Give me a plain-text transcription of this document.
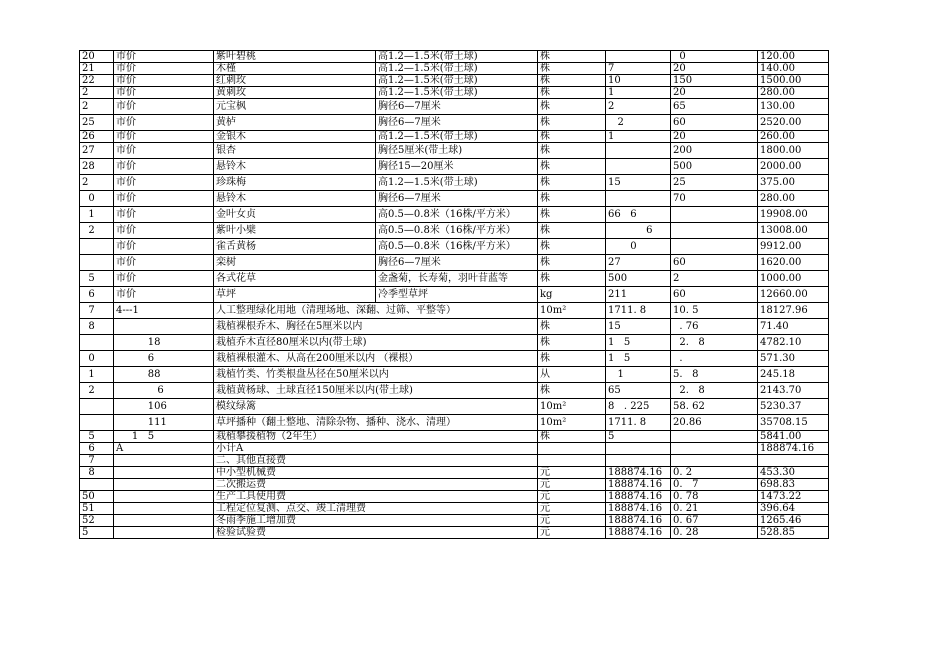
20	市价	紫叶碧桃	高1.2—1.5米(带土球)	株		0	120.00
21	市价	木槿	高1.2—1.5米(带土球)	株	7	20	140.00
22	市价	红刺玫	高1.2—1.5米(带土球)	株	10	150	1500.00
2	市价	黄刺玫	高1.2—1.5米(带土球)	株	1	20	280.00
2	市价	元宝枫	胸径6—7厘米	株	2	65	130.00
25	市价	黄栌	胸径6—7厘米	株	2	60	2520.00
26	市价	金银木	高1.2—1.5米(带土球)	株	1	20	260.00
27	市价	银杏	胸径5厘米(带土球)	株		200	1800.00
28	市价	悬铃木	胸径15—20厘米	株		500	2000.00
2	市价	珍珠梅	高1.2—1.5米(带土球)	株	15	25	375.00
0	市价	悬铃木	胸径6—7厘米	株		70	280.00
1	市价	金叶女贞	高0.5—0.8米（16株/平方米）	株	66   6		19908.00
2	市价	紫叶小檗	高0.5—0.8米（16株/平方米）	株	6		13008.00
	市价	雀舌黄杨	高0.5—0.8米（16株/平方米）	株	0		9912.00
	市价	栾树	胸径6—7厘米	株	27	60	1620.00
5	市价	各式花草	金盏菊，长寿菊，羽叶苷蓝等	株	500	2	1000.00
6	市价	草坪	冷季型草坪	kg	211	60	12660.00
7	4---1	人工整理绿化用地（清理场地、深翻、过筛、平整等）		10m²	1711. 8	10. 5	18127.96
8		栽植裸根乔木、胸径在5厘米以内		株	15	. 76	71.40
	18	栽植乔木直径80厘米以内(带土球)		株	1   5	2.   8	4782.10
0	6	栽植裸根灌木、从高在200厘米以内 （裸根）		株	1   5	.	571.30
1	88	栽植竹类、竹类根盘丛径在50厘米以内		从	1	5.   8	245.18
2	6	栽植黄杨球、土球直径150厘米以内(带土球)		株	65	2.   8	2143.70
	106	模纹绿篱		10m²	8   . 225	58. 62	5230.37
	111	草坪播种（翻土整地、清除杂物、播种、浇水、清理）		10m²	1711. 8	20.86	35708.15
5	1   5	栽植攀援植物（2年生）		株	5		5841.00
6	A	小计A					188874.16
7		二、其他直接费					
8		中小型机械费		元	188874.16	0. 2	453.30
		二次搬运费		元	188874.16	0.   7	698.83
50		生产工具使用费		元	188874.16	0. 78	1473.22
51		工程定位复测、点交、竣工清理费		元	188874.16	0. 21	396.64
52		冬雨季施工增加费		元	188874.16	0. 67	1265.46
5		检验试验费		元	188874.16	0. 28	528.85
